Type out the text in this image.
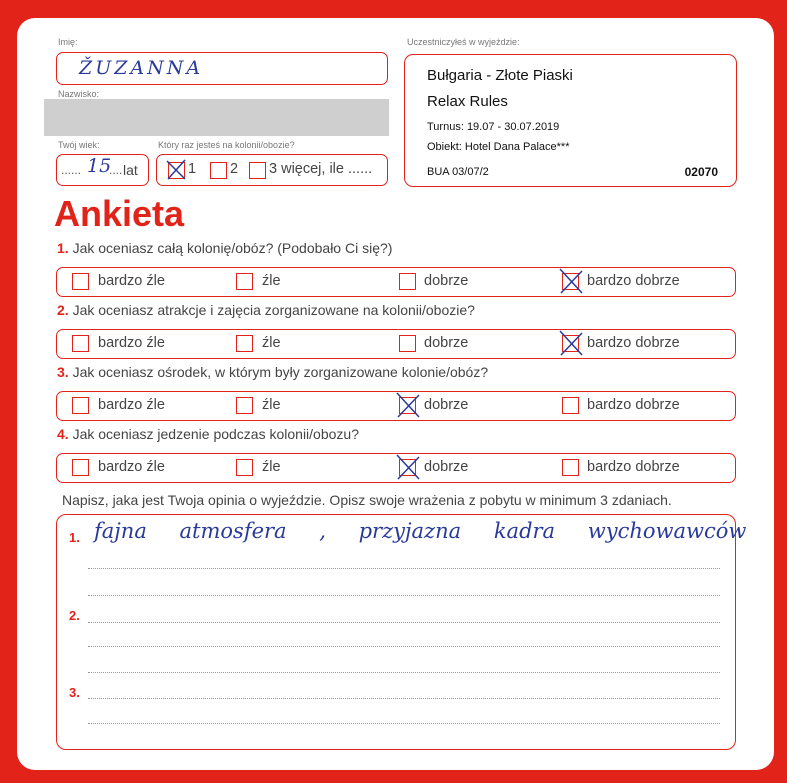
Imię:
ŽUZANNA
Nazwisko:
Twój wiek:
...... 15
.... lat
Który raz jesteś na kolonii/obozie?
1 2 3 więcej, ile ......
Uczestniczyłeś w wyjeździe:
Bułgaria - Złote Piaski
Relax Rules
Turnus: 19.07 - 30.07.2019
Obiekt: Hotel Dana Palace***
BUA 03/07/2	02070
Ankieta
1. Jak oceniasz całą kolonię/obóz? (Podobało Ci się?)
bardzo źle	źle	dobrze	bardzo dobrze
2. Jak oceniasz atrakcje i zajęcia zorganizowane na kolonii/obozie?
bardzo źle	źle	dobrze	bardzo dobrze
3. Jak oceniasz ośrodek, w którym były zorganizowane kolonie/obóz?
bardzo źle	źle	dobrze	bardzo dobrze
4. Jak oceniasz jedzenie podczas kolonii/obozu?
bardzo źle	źle	dobrze	bardzo dobrze
Napisz, jaka jest Twoja opinia o wyjeździe. Opisz swoje wrażenia z pobytu w minimum 3 zdaniach.
1.
2.
3.
fajna atmosfera , przyjazna kadra wychowawców
